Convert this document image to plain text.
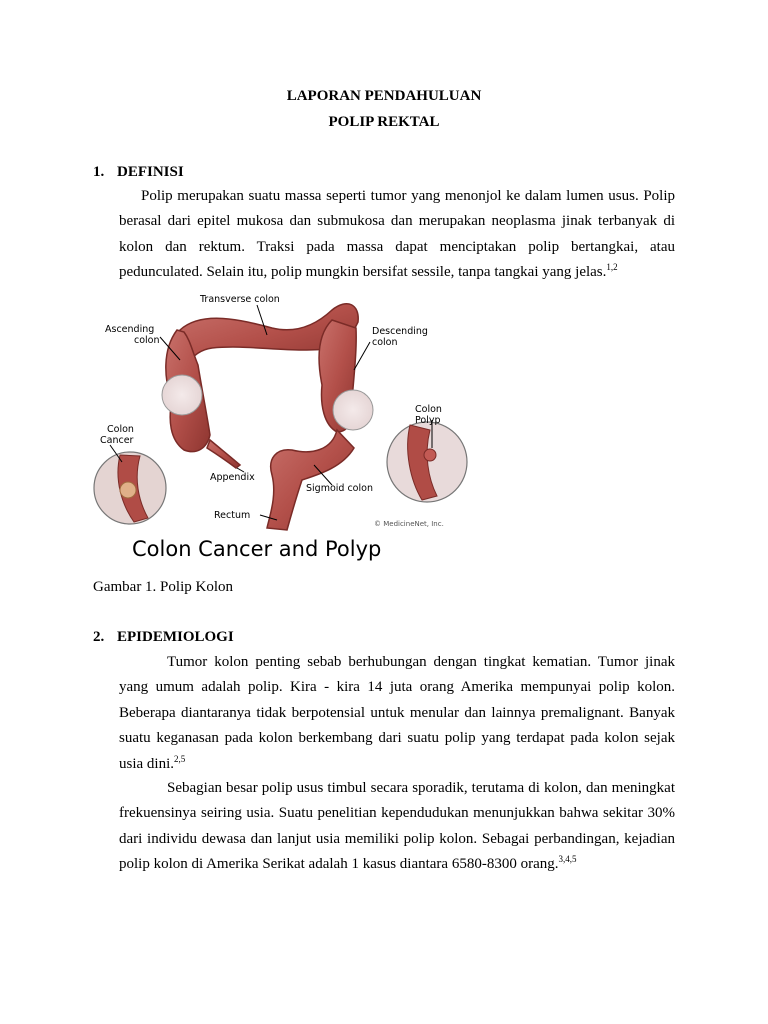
LAPORAN PENDAHULUAN
POLIP REKTAL
1. DEFINISI
Polip merupakan suatu massa seperti tumor yang menonjol ke dalam lumen usus. Polip berasal dari epitel mukosa dan submukosa dan merupakan neoplasma jinak terbanyak di kolon dan rektum. Traksi pada massa dapat menciptakan polip bertangkai, atau pedunculated. Selain itu, polip mungkin bersifat sessile, tanpa tangkai yang jelas.$^{1,2}$
Transverse colon
Ascending
colon
Descending
colon
Colon
Cancer
Colon
Polyp
Appendix
Sigmoid colon
Rectum
© MedicineNet, Inc.
Colon Cancer and Polyp
Gambar 1. Polip Kolon
2. EPIDEMIOLOGI
Tumor kolon penting sebab berhubungan dengan tingkat kematian. Tumor jinak yang umum adalah polip. Kira - kira 14 juta orang Amerika mempunyai polip kolon. Beberapa diantaranya tidak berpotensial untuk menular dan lainnya premalignant. Banyak suatu keganasan pada kolon berkembang dari suatu polip yang terdapat pada kolon sejak usia dini.$^{2,5}$
Sebagian besar polip usus timbul secara sporadik, terutama di kolon, dan meningkat frekuensinya seiring usia. Suatu penelitian kependudukan menunjukkan bahwa sekitar 30% dari individu dewasa dan lanjut usia memiliki polip kolon. Sebagai perbandingan, kejadian polip kolon di Amerika Serikat adalah 1 kasus diantara 6580-8300 orang.$^{3,4,5}$
